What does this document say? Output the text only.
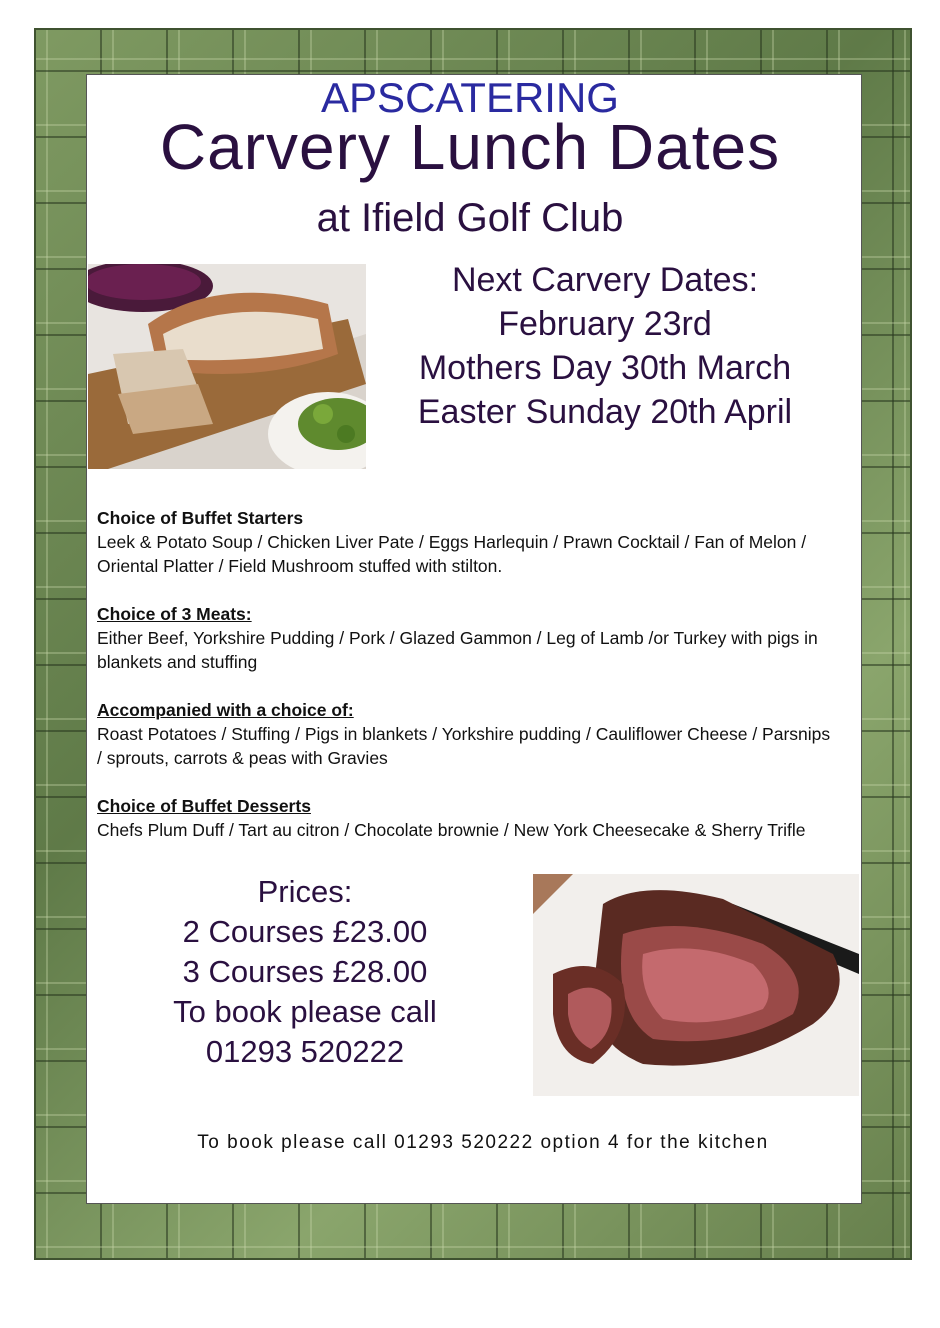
APSCATERING
Carvery Lunch Dates
at Ifield Golf Club
Next Carvery Dates:
February 23rd
Mothers Day 30th March
Easter Sunday 20th April
Choice of Buffet Starters
Leek & Potato Soup / Chicken Liver Pate / Eggs Harlequin / Prawn Cocktail / Fan of Melon / Oriental Platter / Field Mushroom stuffed with stilton.
Choice of 3 Meats:
Either Beef, Yorkshire Pudding / Pork / Glazed Gammon / Leg of Lamb /or Turkey with pigs in blankets and stuffing
Accompanied with a choice of:
Roast Potatoes / Stuffing / Pigs in blankets / Yorkshire pudding / Cauliflower Cheese / Parsnips / sprouts, carrots & peas with Gravies
Choice of Buffet Desserts
Chefs Plum Duff / Tart au citron / Chocolate brownie / New York Cheesecake & Sherry Trifle
Prices:
2 Courses £23.00
3 Courses £28.00
To book please call
01293 520222
To book please call 01293 520222 option 4 for the kitchen
